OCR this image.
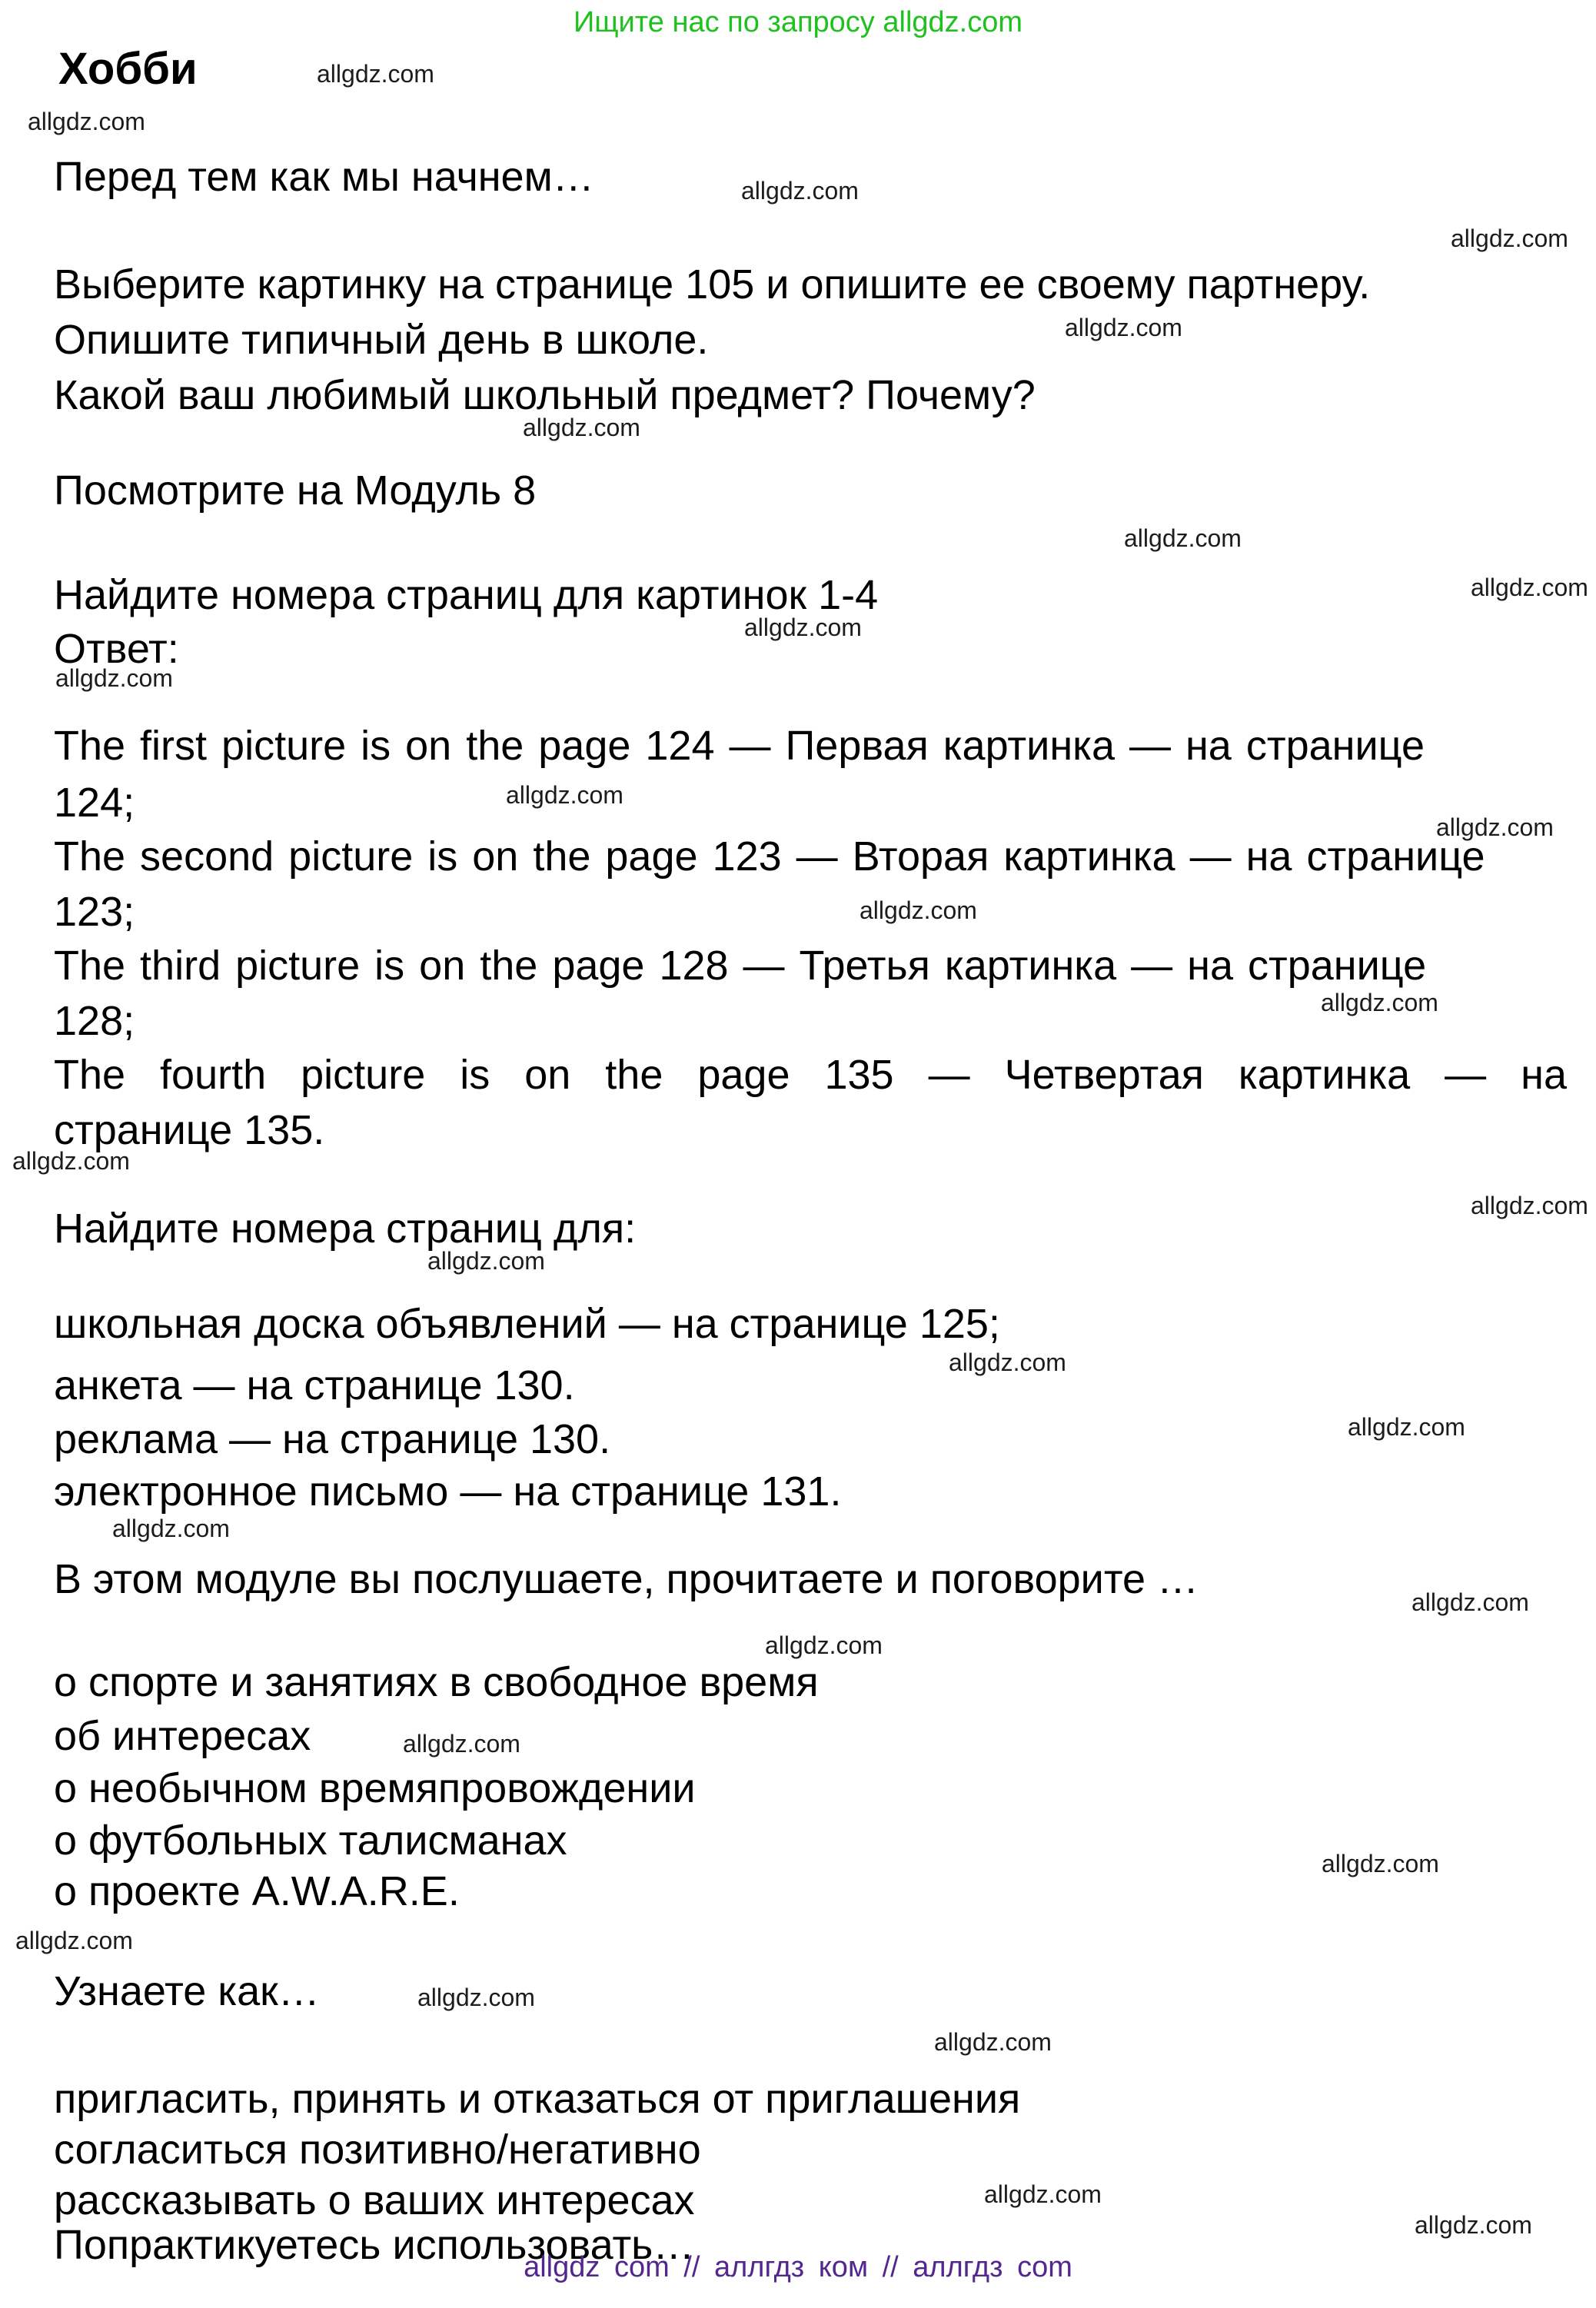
Ищите нас по запросу allgdz.com
Хобби
Перед тем как мы начнем…
Выберите картинку на странице 105 и опишите ее своему партнеру.
Опишите типичный день в школе.
Какой ваш любимый школьный предмет? Почему?
Посмотрите на Модуль 8
Найдите номера страниц для картинок 1-4
Ответ:
The first picture is on the page 124 — Первая картинка — на странице
124;
The second picture is on the page 123 — Вторая картинка — на странице
123;
The third picture is on the page 128 — Третья картинка — на странице
128;
The fourth picture is on the page 135 — Четвертая картинка — на
странице 135.
Найдите номера страниц для:
школьная доска объявлений — на странице 125;
анкета — на странице 130.
реклама — на странице 130.
электронное письмо — на странице 131.
В этом модуле вы послушаете, прочитаете и поговорите …
о спорте и занятиях в свободное время
об интересах
о необычном времяпровождении
о футбольных талисманах
о проекте A.W.A.R.E.
Узнаете как…
пригласить, принять и отказаться от приглашения
согласиться позитивно/негативно
рассказывать о ваших интересах
Попрактикуетесь использовать…
allgdz com // аллгдз ком // аллгдз com
allgdz.com
allgdz.com
allgdz.com
allgdz.com
allgdz.com
allgdz.com
allgdz.com
allgdz.com
allgdz.com
allgdz.com
allgdz.com
allgdz.com
allgdz.com
allgdz.com
allgdz.com
allgdz.com
allgdz.com
allgdz.com
allgdz.com
allgdz.com
allgdz.com
allgdz.com
allgdz.com
allgdz.com
allgdz.com
allgdz.com
allgdz.com
allgdz.com
allgdz.com
